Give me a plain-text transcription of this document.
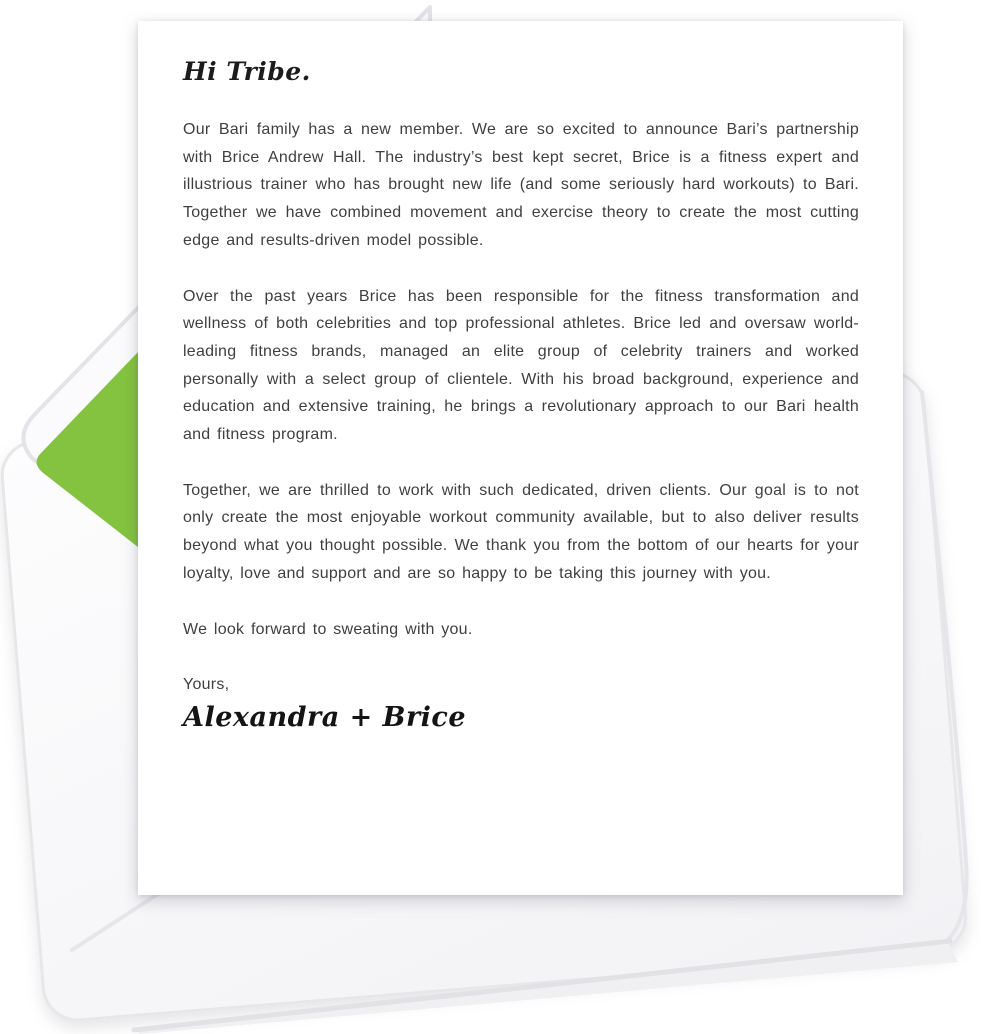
Hi Tribe.

Our Bari family has a new member. We are so excited to announce Bari’s partnership with Brice Andrew Hall. The industry’s best kept secret, Brice is a fitness expert and illustrious trainer who has brought new life (and some seriously hard workouts) to Bari. Together we have combined movement and exercise theory to create the most cutting edge and results-driven model possible.

Over the past years Brice has been responsible for the fitness transformation and wellness of both celebrities and top professional athletes. Brice led and oversaw world-leading fitness brands, managed an elite group of celebrity trainers and worked personally with a select group of clientele. With his broad background, experience and education and extensive training, he brings a revolutionary approach to our Bari health and fitness program.

Together, we are thrilled to work with such dedicated, driven clients. Our goal is to not only create the most enjoyable workout community available, but to also deliver results beyond what you thought possible. We thank you from the bottom of our hearts for your loyalty, love and support and are so happy to be taking this journey with you.

We look forward to sweating with you.

Yours,
Alexandra + Brice
